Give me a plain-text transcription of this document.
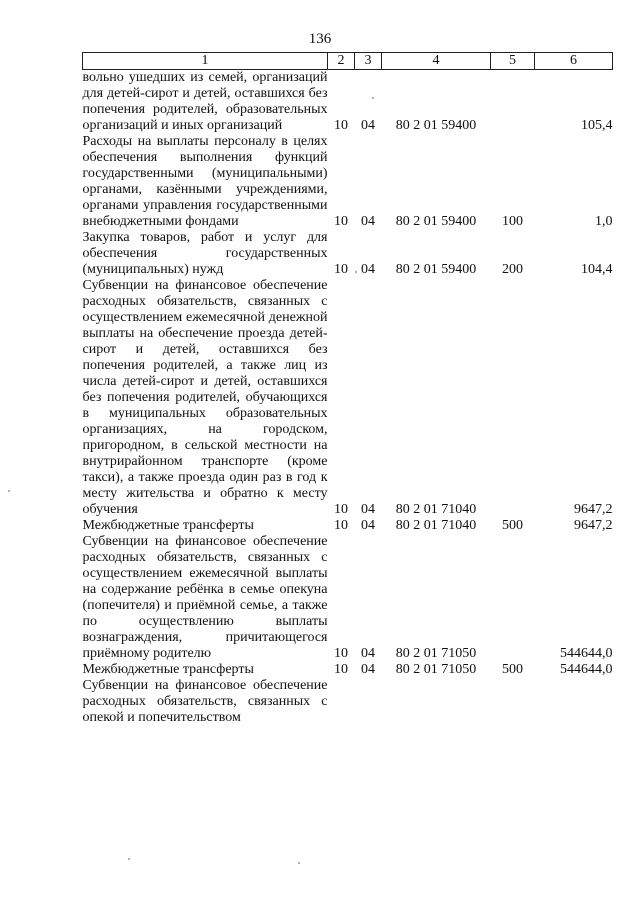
136
1	2	3	4	5	6
вольно ушедших из семей, организаций для детей-сирот и детей, оставшихся без попечения родителей, образовательных организаций и иных организаций	10	04	80 2 01 59400		105,4
Расходы на выплаты персоналу в целях обеспечения выполнения функций государственными (муниципальными) органами, казёнными учреждениями, органами управления государственными внебюджетными фондами	10	04	80 2 01 59400	100	1,0
Закупка товаров, работ и услуг для обеспечения государственных (муниципальных) нужд	10	04	80 2 01 59400	200	104,4
Субвенции на финансовое обеспечение расходных обязательств, связанных с осуществлением ежемесячной денежной выплаты на обеспечение проезда детей-сирот и детей, оставшихся без попечения родителей, а также лиц из числа детей-сирот и детей, оставшихся без попечения родителей, обучающихся в муниципальных образовательных организациях, на городском, пригородном, в сельской местности на внутрирайонном транспорте (кроме такси), а также проезда один раз в год к месту жительства и обратно к месту обучения	10	04	80 2 01 71040		9647,2
Межбюджетные трансферты	10	04	80 2 01 71040	500	9647,2
Субвенции на финансовое обеспечение расходных обязательств, связанных с осуществлением ежемесячной выплаты на содержание ребёнка в семье опекуна (попечителя) и приёмной семье, а также по осуществлению выплаты вознаграждения, причитающегося приёмному родителю	10	04	80 2 01 71050		544644,0
Межбюджетные трансферты	10	04	80 2 01 71050	500	544644,0
Субвенции на финансовое обеспечение расходных обязательств, связанных с опекой и попечительством					
